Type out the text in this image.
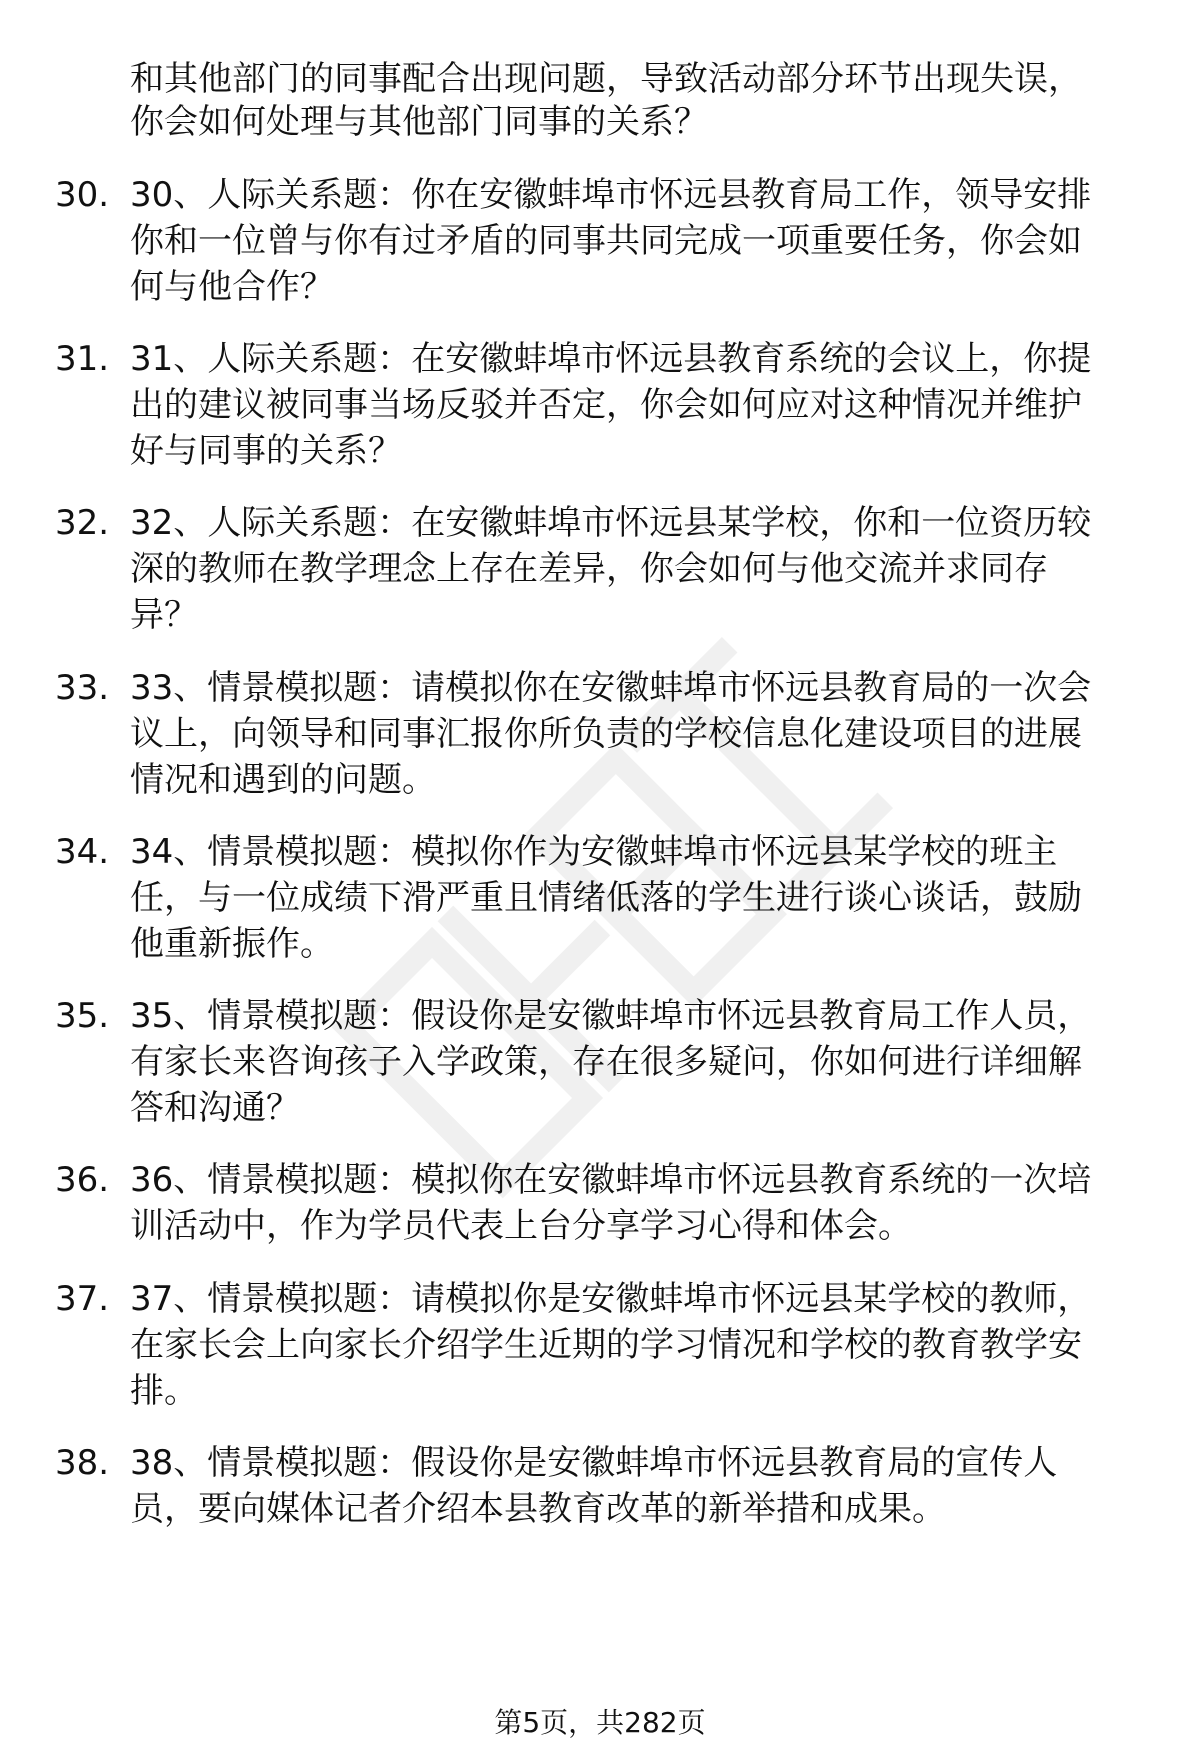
和其他部门的同事配合出现问题，导致活动部分环节出现失误，
你会如何处理与其他部门同事的关系？
30. 30、人际关系题：你在安徽蚌埠市怀远县教育局工作，领导安排
你和一位曾与你有过矛盾的同事共同完成一项重要任务，你会如
何与他合作？
31. 31、人际关系题：在安徽蚌埠市怀远县教育系统的会议上，你提
出的建议被同事当场反驳并否定，你会如何应对这种情况并维护
好与同事的关系？
32. 32、人际关系题：在安徽蚌埠市怀远县某学校，你和一位资历较
深的教师在教学理念上存在差异，你会如何与他交流并求同存
异？
33. 33、情景模拟题：请模拟你在安徽蚌埠市怀远县教育局的一次会
议上，向领导和同事汇报你所负责的学校信息化建设项目的进展
情况和遇到的问题。
34. 34、情景模拟题：模拟你作为安徽蚌埠市怀远县某学校的班主
任，与一位成绩下滑严重且情绪低落的学生进行谈心谈话，鼓励
他重新振作。
35. 35、情景模拟题：假设你是安徽蚌埠市怀远县教育局工作人员，
有家长来咨询孩子入学政策，存在很多疑问，你如何进行详细解
答和沟通？
36. 36、情景模拟题：模拟你在安徽蚌埠市怀远县教育系统的一次培
训活动中，作为学员代表上台分享学习心得和体会。
37. 37、情景模拟题：请模拟你是安徽蚌埠市怀远县某学校的教师，
在家长会上向家长介绍学生近期的学习情况和学校的教育教学安
排。
38. 38、情景模拟题：假设你是安徽蚌埠市怀远县教育局的宣传人
员，要向媒体记者介绍本县教育改革的新举措和成果。
第5页，共282页
